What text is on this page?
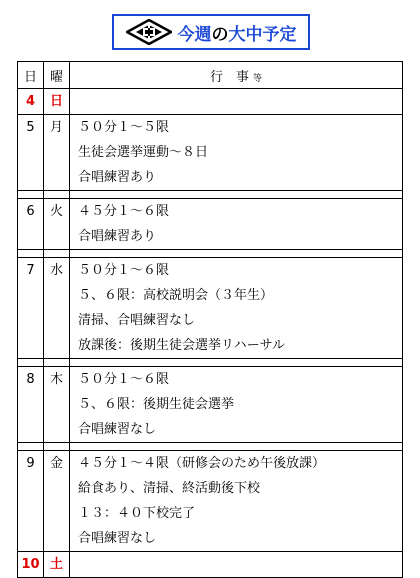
今週の大中予定
日	曜	行　事 等

4	日	

5	月	５０分１～５限
生徒会選挙運動～８日
合唱練習あり

6	火	４５分１～６限
合唱練習あり

7	水	５０分１～６限
５、６限：高校説明会（３年生）
清掃、合唱練習なし
放課後：後期生徒会選挙リハーサル

8	木	５０分１～６限
５、６限：後期生徒会選挙
合唱練習なし

9	金	４５分１～４限（研修会のため午後放課）
給食あり、清掃、終活動後下校
１３：４０下校完了
合唱練習なし

10	土	
